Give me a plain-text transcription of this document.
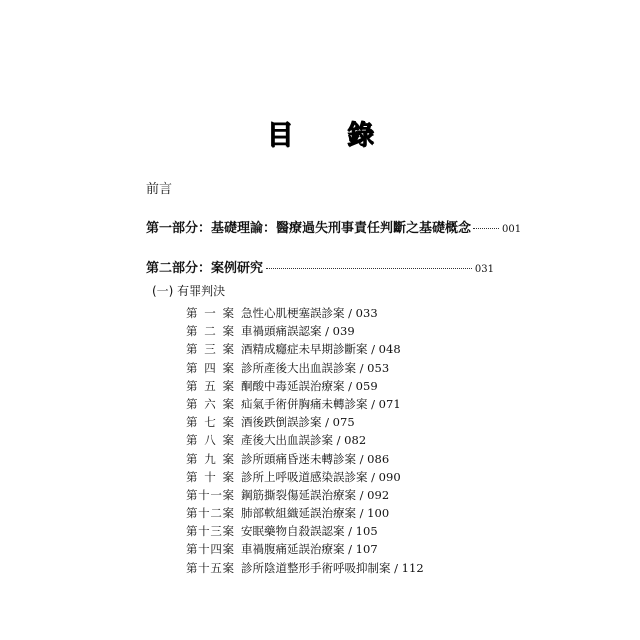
目 錄
前言
第一部分：基礎理論：醫療過失刑事責任判斷之基礎概念	001
第二部分：案例研究	031
(一) 有罪判決
第一案 急性心肌梗塞誤診案 / 033
第二案 車禍頭痛誤認案 / 039
第三案 酒精成癮症未早期診斷案 / 048
第四案 診所產後大出血誤診案 / 053
第五案 酮酸中毒延誤治療案 / 059
第六案 疝氣手術併胸痛未轉診案 / 071
第七案 酒後跌倒誤診案 / 075
第八案 產後大出血誤診案 / 082
第九案 診所頭痛昏迷未轉診案 / 086
第十案 診所上呼吸道感染誤診案 / 090
第十一案 鋼筋撕裂傷延誤治療案 / 092
第十二案 肺部軟組織延誤治療案 / 100
第十三案 安眠藥物自殺誤認案 / 105
第十四案 車禍腹痛延誤治療案 / 107
第十五案 診所陰道整形手術呼吸抑制案 / 112
